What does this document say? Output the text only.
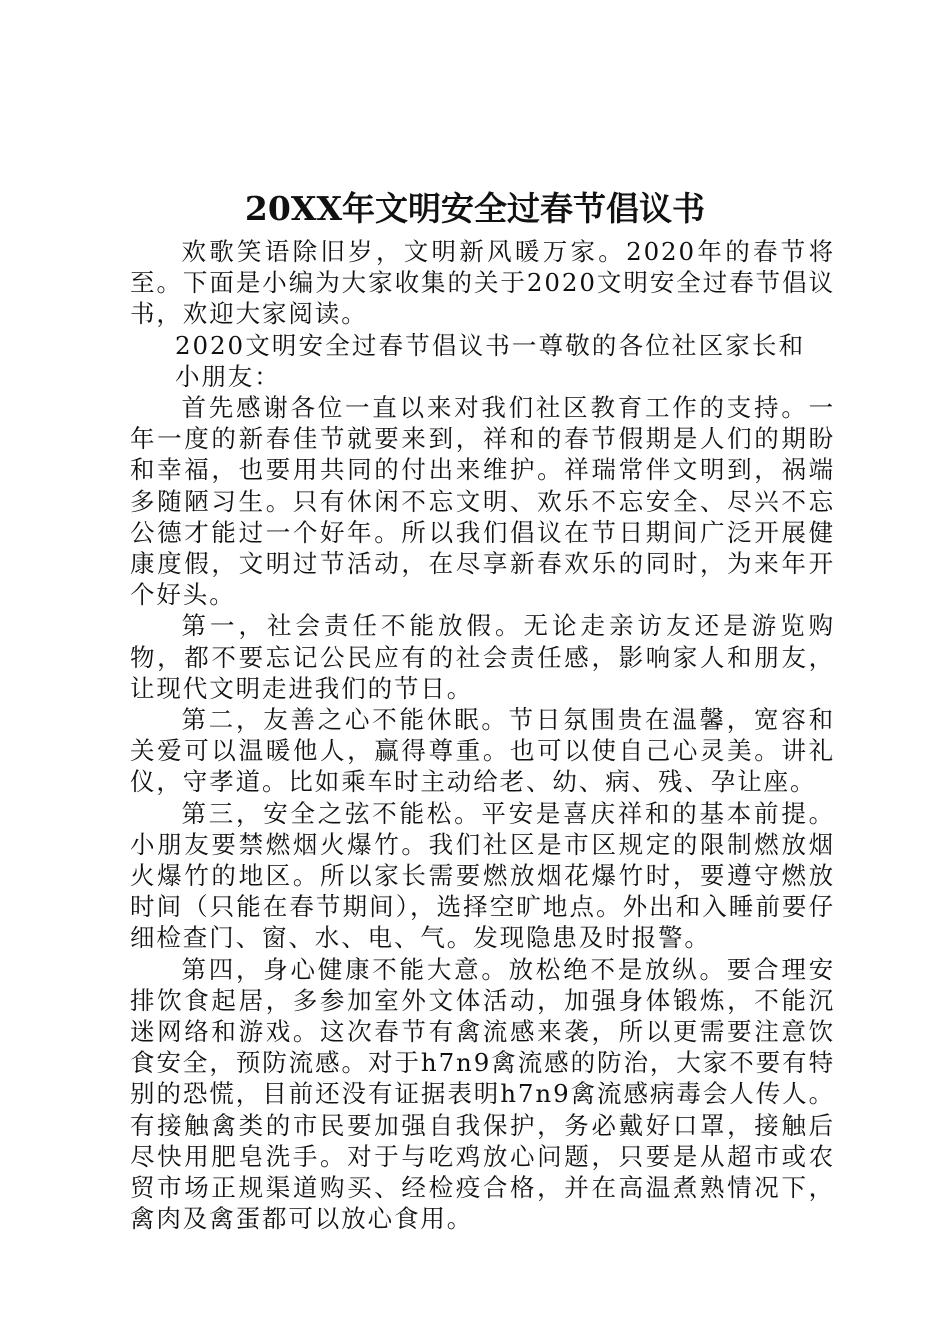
20XX年文明安全过春节倡议书

欢歌笑语除旧岁，文明新风暖万家。2020年的春节将至。下面是小编为大家收集的关于2020文明安全过春节倡议书，欢迎大家阅读。

2020文明安全过春节倡议书一尊敬的各位社区家长和小朋友：

首先感谢各位一直以来对我们社区教育工作的支持。一年一度的新春佳节就要来到，祥和的春节假期是人们的期盼和幸福，也要用共同的付出来维护。祥瑞常伴文明到，祸端多随陋习生。只有休闲不忘文明、欢乐不忘安全、尽兴不忘公德才能过一个好年。所以我们倡议在节日期间广泛开展健康度假，文明过节活动，在尽享新春欢乐的同时，为来年开个好头。

第一，社会责任不能放假。无论走亲访友还是游览购物，都不要忘记公民应有的社会责任感，影响家人和朋友，让现代文明走进我们的节日。

第二，友善之心不能休眠。节日氛围贵在温馨，宽容和关爱可以温暖他人，赢得尊重。也可以使自己心灵美。讲礼仪，守孝道。比如乘车时主动给老、幼、病、残、孕让座。

第三，安全之弦不能松。平安是喜庆祥和的基本前提。小朋友要禁燃烟火爆竹。我们社区是市区规定的限制燃放烟火爆竹的地区。所以家长需要燃放烟花爆竹时，要遵守燃放时间（只能在春节期间），选择空旷地点。外出和入睡前要仔细检查门、窗、水、电、气。发现隐患及时报警。

第四，身心健康不能大意。放松绝不是放纵。要合理安排饮食起居，多参加室外文体活动，加强身体锻炼，不能沉迷网络和游戏。这次春节有禽流感来袭，所以更需要注意饮食安全，预防流感。对于h7n9禽流感的防治，大家不要有特别的恐慌，目前还没有证据表明h7n9禽流感病毒会人传人。有接触禽类的市民要加强自我保护，务必戴好口罩，接触后尽快用肥皂洗手。对于与吃鸡放心问题，只要是从超市或农贸市场正规渠道购买、经检疫合格，并在高温煮熟情况下，禽肉及禽蛋都可以放心食用。
